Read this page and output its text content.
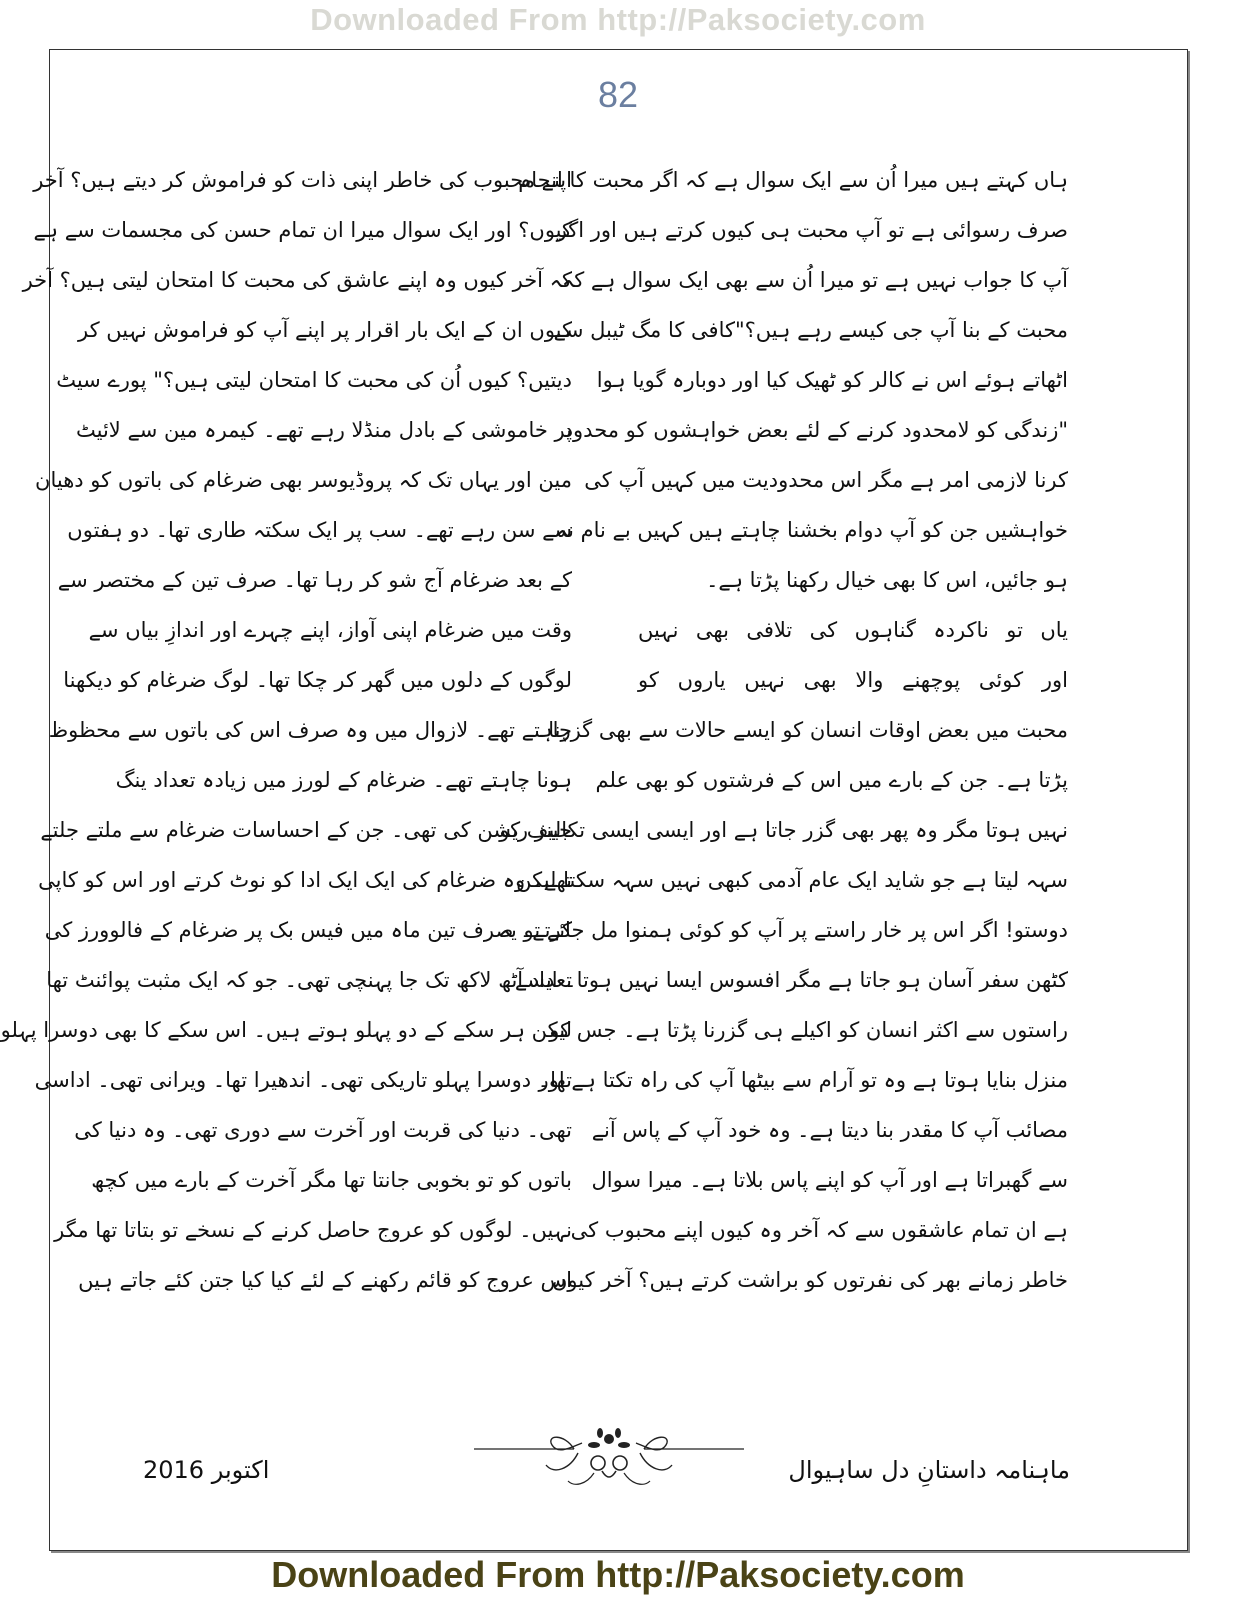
Downloaded From http://Paksociety.com
82
ہاں کہتے ہیں میرا اُن سے ایک سوال ہے کہ اگر محبت کا انجام
صرف رسوائی ہے تو آپ محبت ہی کیوں کرتے ہیں اور اگر
آپ کا جواب نہیں ہے تو میرا اُن سے بھی ایک سوال ہے کہ
محبت کے بنا آپ جی کیسے رہے ہیں؟"کافی کا مگ ٹیبل سے
اٹھاتے ہوئے اس نے کالر کو ٹھیک کیا اور دوبارہ گویا ہوا
"زندگی کو لامحدود کرنے کے لئے بعض خواہشوں کو محدود
کرنا لازمی امر ہے مگر اس محدودیت میں کہیں آپ کی
خواہشیں جن کو آپ دوام بخشنا چاہتے ہیں کہیں بے نام نہ
ہو جائیں، اس کا بھی خیال رکھنا پڑتا ہے۔
یاں تو ناکردہ گناہوں کی تلافی بھی نہیں
اور کوئی پوچھنے والا بھی نہیں یاروں کو
محبت میں بعض اوقات انسان کو ایسے حالات سے بھی گزرنا
پڑتا ہے۔ جن کے بارے میں اس کے فرشتوں کو بھی علم
نہیں ہوتا مگر وہ پھر بھی گزر جاتا ہے اور ایسی ایسی تکالیف کو
سہہ لیتا ہے جو شاید ایک عام آدمی کبھی نہیں سہہ سکتا لیکن
دوستو! اگر اس پر خار راستے پر آپ کو کوئی ہمنوا مل جائے تو یہ
کٹھن سفر آسان ہو جاتا ہے مگر افسوس ایسا نہیں ہوتا۔ ایسے
راستوں سے اکثر انسان کو اکیلے ہی گزرنا پڑتا ہے۔ جس کو
منزل بنایا ہوتا ہے وہ تو آرام سے بیٹھا آپ کی راہ تکتا ہے اور
مصائب آپ کا مقدر بنا دیتا ہے۔ وہ خود آپ کے پاس آنے
سے گھبراتا ہے اور آپ کو اپنے پاس بلاتا ہے۔ میرا سوال
ہے ان تمام عاشقوں سے کہ آخر وہ کیوں اپنے محبوب کی
خاطر زمانے بھر کی نفرتوں کو براشت کرتے ہیں؟ آخر کیوں
اپنے محبوب کی خاطر اپنی ذات کو فراموش کر دیتے ہیں؟ آخر
کیوں؟ اور ایک سوال میرا ان تمام حسن کی مجسمات سے ہے
کہ آخر کیوں وہ اپنے عاشق کی محبت کا امتحان لیتی ہیں؟ آخر
کیوں ان کے ایک بار اقرار پر اپنے آپ کو فراموش نہیں کر
دیتیں؟ کیوں اُن کی محبت کا امتحان لیتی ہیں؟" پورے سیٹ
پر خاموشی کے بادل منڈلا رہے تھے۔ کیمرہ مین سے لائیٹ
مین اور یہاں تک کہ پروڈیوسر بھی ضرغام کی باتوں کو دھیان
سے سن رہے تھے۔ سب پر ایک سکتہ طاری تھا۔ دو ہفتوں
کے بعد ضرغام آج شو کر رہا تھا۔ صرف تین کے مختصر سے
وقت میں ضرغام اپنی آواز، اپنے چہرے اور اندازِ بیاں سے
لوگوں کے دلوں میں گھر کر چکا تھا۔ لوگ ضرغام کو دیکھنا
چاہتے تھے۔ لازوال میں وہ صرف اس کی باتوں سے محظوظ
ہونا چاہتے تھے۔ ضرغام کے لورز میں زیادہ تعداد ینگ
جینز ریشن کی تھی۔ جن کے احساسات ضرغام سے ملتے جلتے
تھے۔ وہ ضرغام کی ایک ایک ادا کو نوٹ کرتے اور اس کو کاپی
کرتے۔ صرف تین ماہ میں فیس بک پر ضرغام کے فالوورز کی
تعداد آٹھ لاکھ تک جا پہنچی تھی۔ جو کہ ایک مثبت پوائنٹ تھا
لیکن ہر سکے کے دو پہلو ہوتے ہیں۔ اس سکے کا بھی دوسرا پہلو
تھا۔ دوسرا پہلو تاریکی تھی۔ اندھیرا تھا۔ ویرانی تھی۔ اداسی
تھی۔ دنیا کی قربت اور آخرت سے دوری تھی۔ وہ دنیا کی
باتوں کو تو بخوبی جانتا تھا مگر آخرت کے بارے میں کچھ
نہیں۔ لوگوں کو عروج حاصل کرنے کے نسخے تو بتاتا تھا مگر
اس عروج کو قائم رکھنے کے لئے کیا کیا جتن کئے جاتے ہیں
ماہنامہ داستانِ دل ساہیوال
اکتوبر 2016
Downloaded From http://Paksociety.com
